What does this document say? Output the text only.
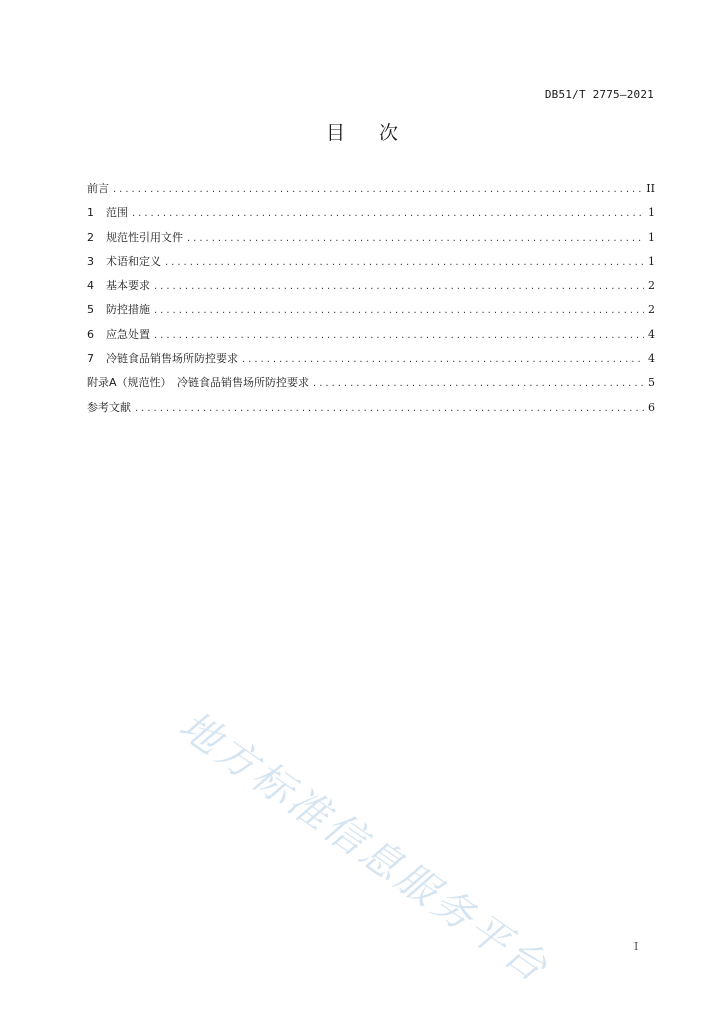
DB51/T 2775—2021
目次
前言 .....	II
1	范围 .....	1
2	规范性引用文件 .....	1
3	术语和定义 .....	1
4	基本要求 .....	2
5	防控措施 .....	2
6	应急处置 .....	4
7	冷链食品销售场所防控要求 .....	4
附录A（规范性）　冷链食品销售场所防控要求 .....	5
参考文献 .....	6
地方标准信息服务平台	I
